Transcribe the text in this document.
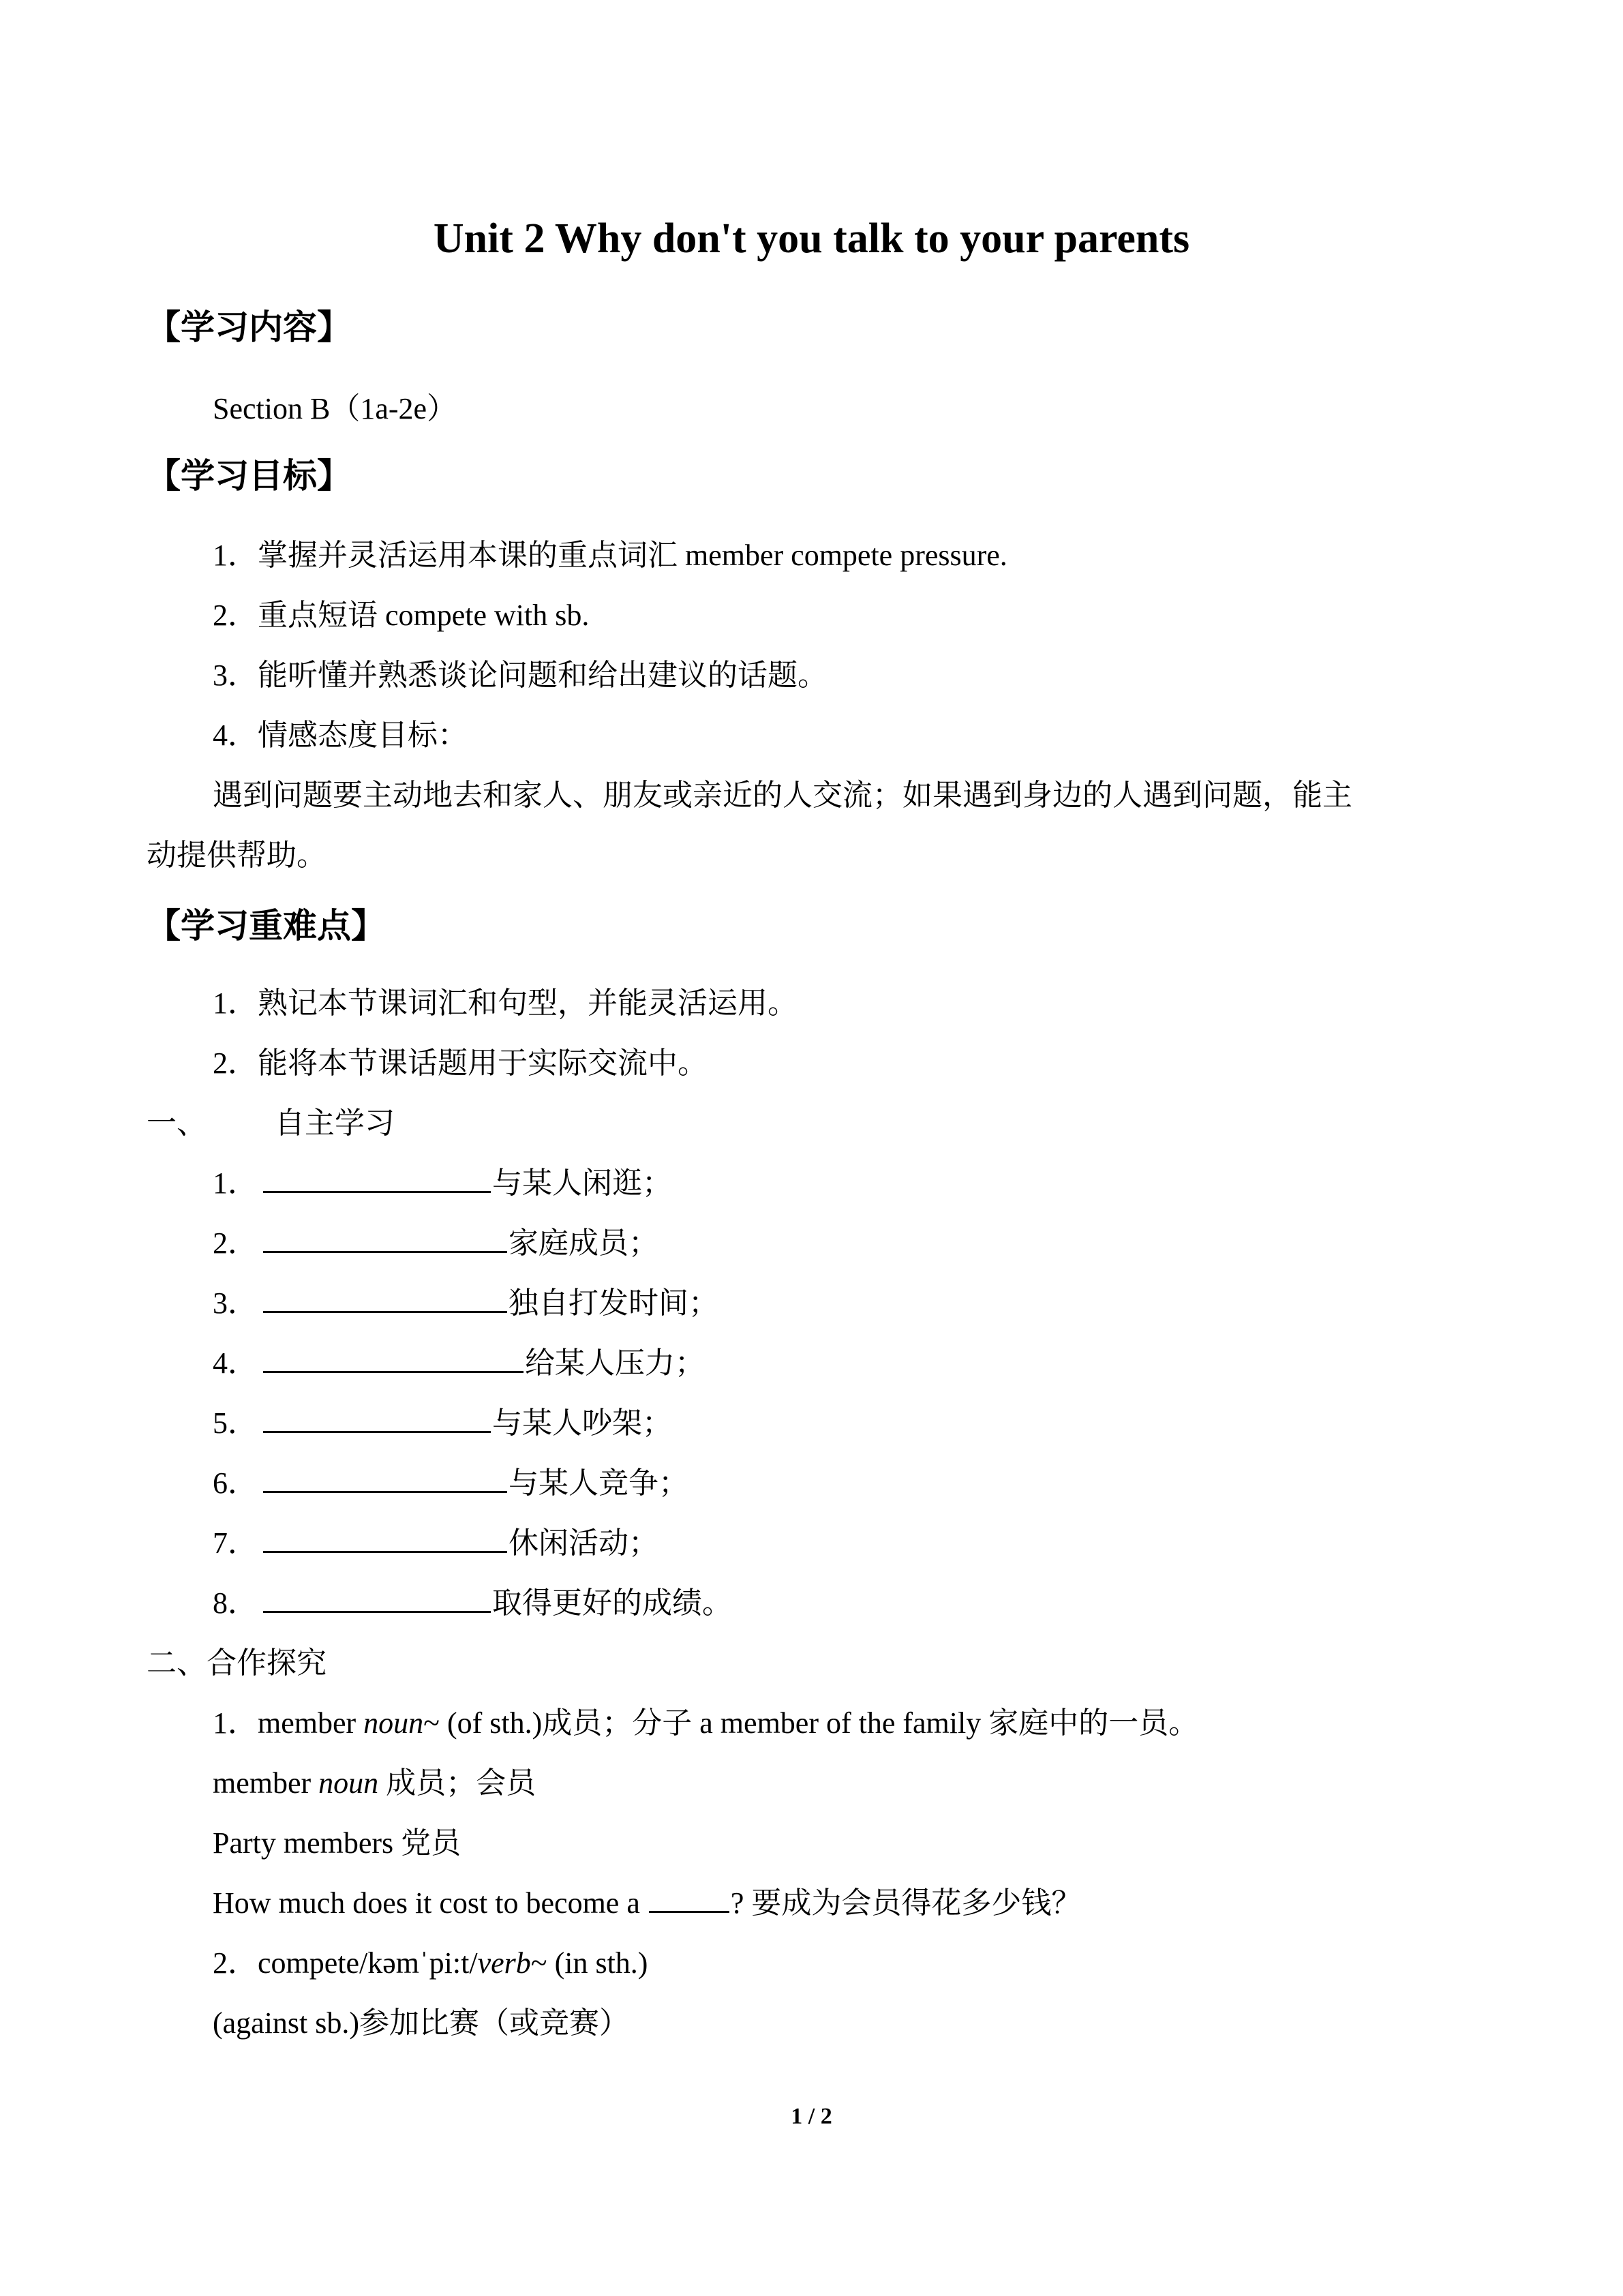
Unit 2 Why don't you talk to your parents
【学习内容】
Section B（1a-2e）
【学习目标】
1．掌握并灵活运用本课的重点词汇 member compete pressure.
2．重点短语 compete with sb.
3．能听懂并熟悉谈论问题和给出建议的话题。
4．情感态度目标：
遇到问题要主动地去和家人、朋友或亲近的人交流；如果遇到身边的人遇到问题，能主
动提供帮助。
【学习重难点】
1．熟记本节课词汇和句型，并能灵活运用。
2．能将本节课话题用于实际交流中。
一、 自主学习
1．	与某人闲逛；
2．	家庭成员；
3．	独自打发时间；
4．	给某人压力；
5．	与某人吵架；
6．	与某人竞争；
7．	休闲活动；
8．	取得更好的成绩。
二、合作探究
1．member noun~ (of sth.)成员；分子 a member of the family 家庭中的一员。
member noun 成员；会员
Party members 党员
How much does it cost to become a	? 要成为会员得花多少钱？
2．compete/kəmˈpi:t/verb~ (in sth.)
(against sb.)参加比赛（或竞赛）
1 / 2
